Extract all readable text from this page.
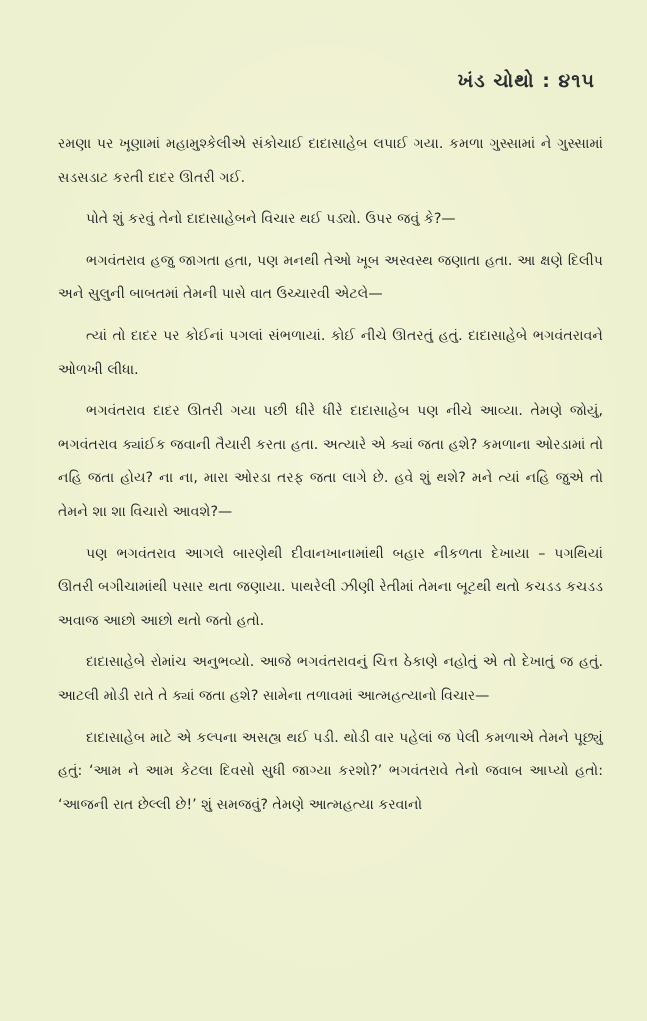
ખંડ ચોથો : ૪૧૫

રમણા પર ખૂણામાં મહામુશ્કેલીએ સંકોચાઈ દાદાસાહેબ લપાઈ ગયા. કમળા ગુસ્સામાં ને ગુસ્સામાં સડસડાટ કરતી દાદર ઊતરી ગઈ.

પોતે શું કરવું તેનો દાદાસાહેબને વિચાર થઈ પડ્યો. ઉપર જવું કે?—

ભગવંતરાવ હજુ જાગતા હતા, પણ મનથી તેઓ ખૂબ અસ્વસ્થ જણાતા હતા. આ ક્ષણે દિલીપ અને સુલુની બાબતમાં તેમની પાસે વાત ઉચ્ચારવી એટલે—

ત્યાં તો દાદર પર કોઈનાં પગલાં સંભળાયાં. કોઈ નીચે ઊતરતું હતું. દાદાસાહેબે ભગવંતરાવને ઓળખી લીધા.

ભગવંતરાવ દાદર ઊતરી ગયા પછી ધીરે ધીરે દાદાસાહેબ પણ નીચે આવ્યા. તેમણે જોયું, ભગવંતરાવ ક્યાંઈક જવાની તૈયારી કરતા હતા. અત્યારે એ ક્યાં જતા હશે? કમળાના ઓરડામાં તો નહિ જતા હોય? ના ના, મારા ઓરડા તરફ જતા લાગે છે. હવે શું થશે? મને ત્યાં નહિ જુએ તો તેમને શા શા વિચારો આવશે?—

પણ ભગવંતરાવ આગલે બારણેથી દીવાનખાનામાંથી બહાર નીકળતા દેખાયા – પગથિયાં ઊતરી બગીચામાંથી પસાર થતા જણાયા. પાથરેલી ઝીણી રેતીમાં તેમના બૂટથી થતો કચડડ કચડડ અવાજ આછો આછો થતો જતો હતો.

દાદાસાહેબે રોમાંચ અનુભવ્યો. આજે ભગવંતરાવનું ચિત્ત ઠેકાણે નહોતું એ તો દેખાતું જ હતું. આટલી મોડી રાતે તે ક્યાં જતા હશે? સામેના તળાવમાં આત્મહત્યાનો વિચાર—

દાદાસાહેબ માટે એ કલ્પના અસહ્ય થઈ પડી. થોડી વાર પહેલાં જ પેલી કમળાએ તેમને પૂછ્યું હતું: ‘આમ ને આમ કેટલા દિવસો સુધી જાગ્યા કરશો?’ ભગવંતરાવે તેનો જવાબ આપ્યો હતો: ‘આજની રાત છેલ્લી છે!’ શું સમજવું? તેમણે આત્મહત્યા કરવાનો
